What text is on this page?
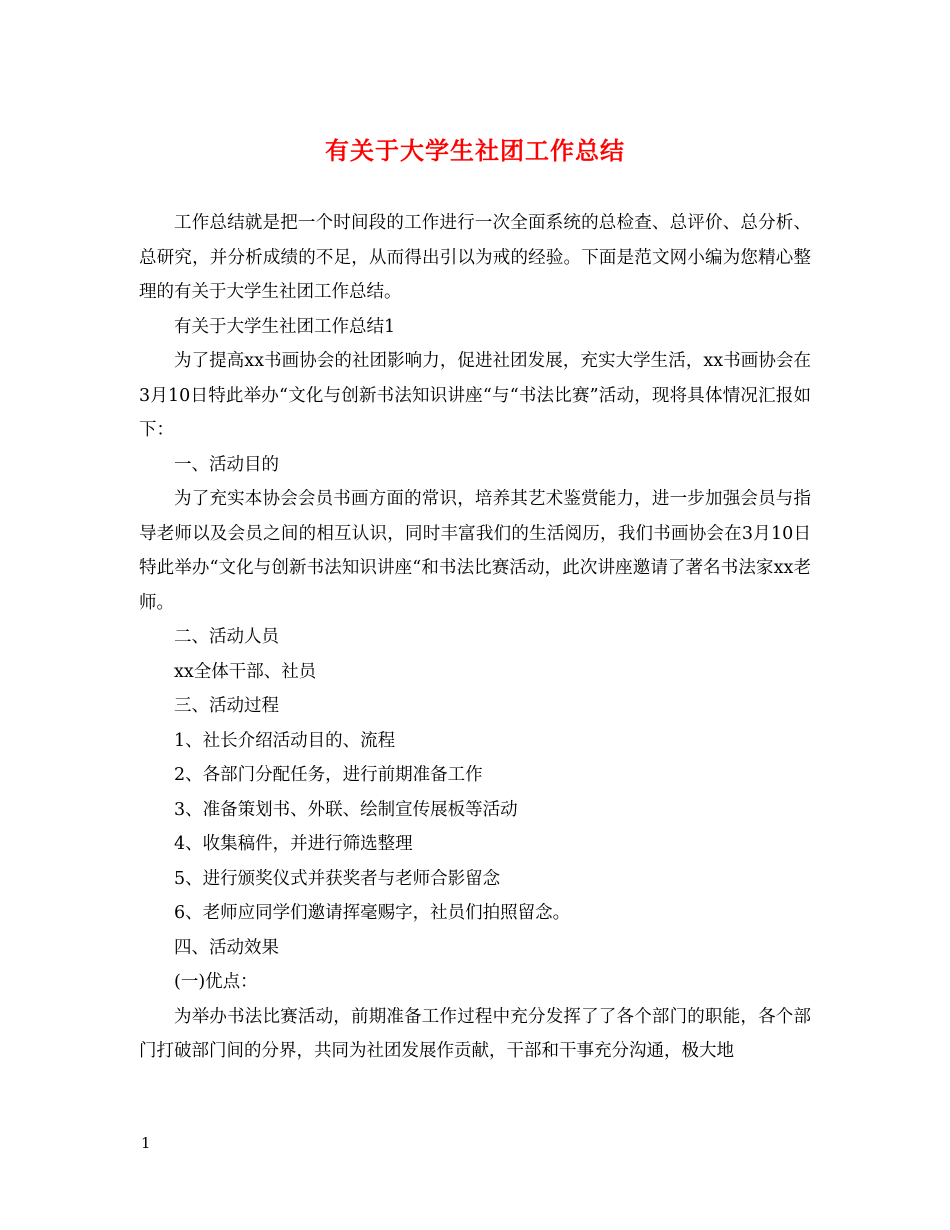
有关于大学生社团工作总结

工作总结就是把一个时间段的工作进行一次全面系统的总检查、总评价、总分析、总研究，并分析成绩的不足，从而得出引以为戒的经验。下面是范文网小编为您精心整理的有关于大学生社团工作总结。

有关于大学生社团工作总结1

为了提高xx书画协会的社团影响力，促进社团发展，充实大学生活，xx书画协会在3月10日特此举办“文化与创新书法知识讲座“与“书法比赛”活动，现将具体情况汇报如下：

一、活动目的

为了充实本协会会员书画方面的常识，培养其艺术鉴赏能力，进一步加强会员与指导老师以及会员之间的相互认识，同时丰富我们的生活阅历，我们书画协会在3月10日特此举办“文化与创新书法知识讲座“和书法比赛活动，此次讲座邀请了著名书法家xx老师。

二、活动人员

xx全体干部、社员

三、活动过程

1、社长介绍活动目的、流程

2、各部门分配任务，进行前期准备工作

3、准备策划书、外联、绘制宣传展板等活动

4、收集稿件，并进行筛选整理

5、进行颁奖仪式并获奖者与老师合影留念

6、老师应同学们邀请挥毫赐字，社员们拍照留念。

四、活动效果

(一)优点：

为举办书法比赛活动，前期准备工作过程中充分发挥了了各个部门的职能，各个部门打破部门间的分界，共同为社团发展作贡献，干部和干事充分沟通，极大地

1
